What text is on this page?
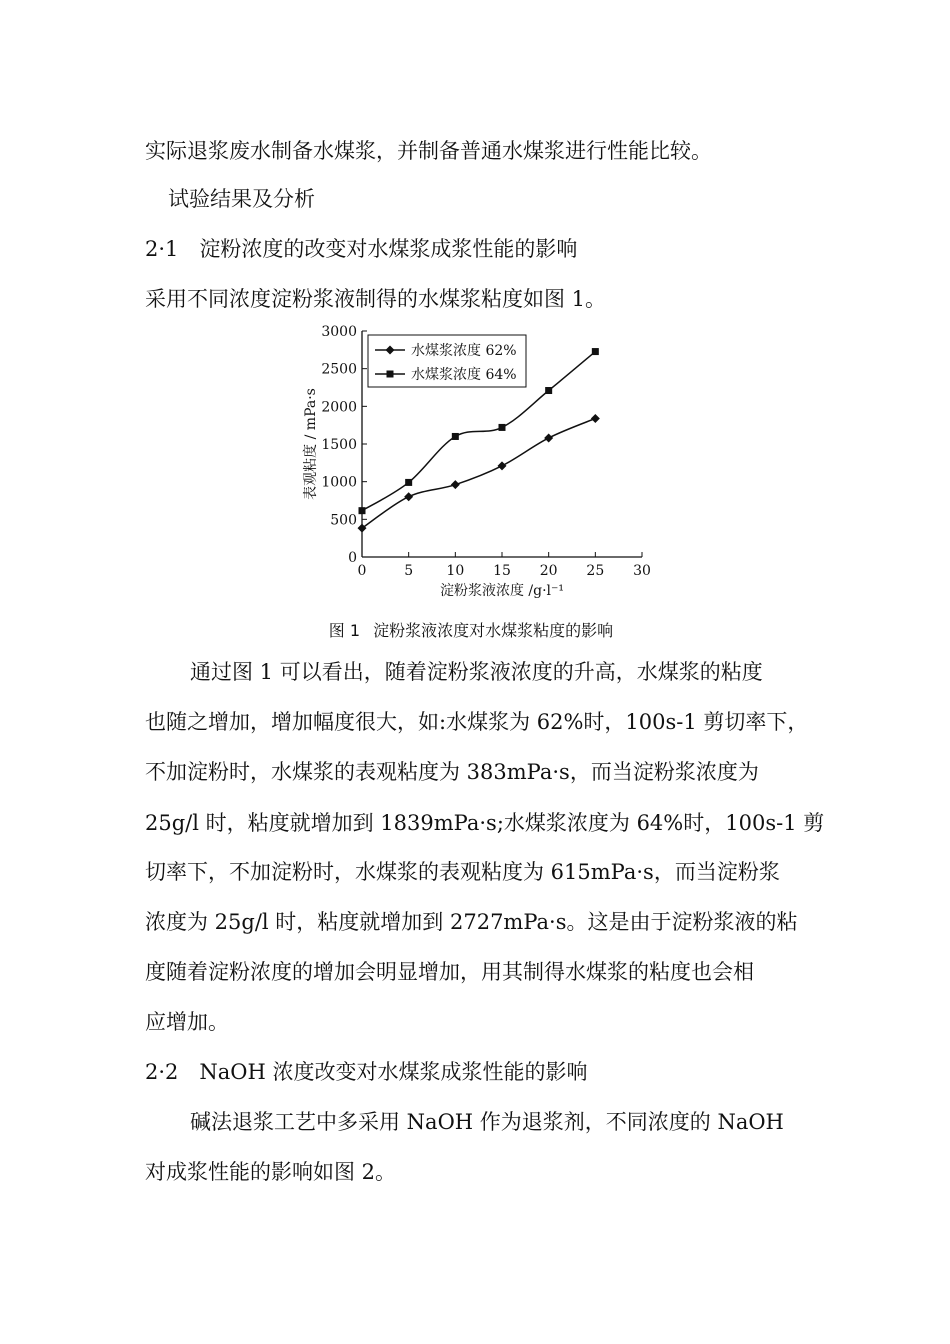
实际退浆废水制备水煤浆，并制备普通水煤浆进行性能比较。
试验结果及分析
2·1　淀粉浓度的改变对水煤浆成浆性能的影响
采用不同浓度淀粉浆液制得的水煤浆粘度如图 1。
0
500
1000
1500
2000
2500
3000
0	5 10 15 20 25 30
淀粉浆液浓度 /g·l⁻¹
表观粘度 / mPa·s
水煤浆浓度 62%
水煤浆浓度 64%
图 1 淀粉浆液浓度对水煤浆粘度的影响
通过图 1 可以看出，随着淀粉浆液浓度的升高，水煤浆的粘度
也随之增加，增加幅度很大，如:水煤浆为 62%时，100s-1 剪切率下，
不加淀粉时，水煤浆的表观粘度为 383mPa·s，而当淀粉浆浓度为
25g/l 时，粘度就增加到 1839mPa·s;水煤浆浓度为 64%时，100s-1 剪
切率下，不加淀粉时，水煤浆的表观粘度为 615mPa·s，而当淀粉浆
浓度为 25g/l 时，粘度就增加到 2727mPa·s。这是由于淀粉浆液的粘
度随着淀粉浓度的增加会明显增加，用其制得水煤浆的粘度也会相
应增加。
2·2　NaOH 浓度改变对水煤浆成浆性能的影响
碱法退浆工艺中多采用 NaOH 作为退浆剂，不同浓度的 NaOH
对成浆性能的影响如图 2。
